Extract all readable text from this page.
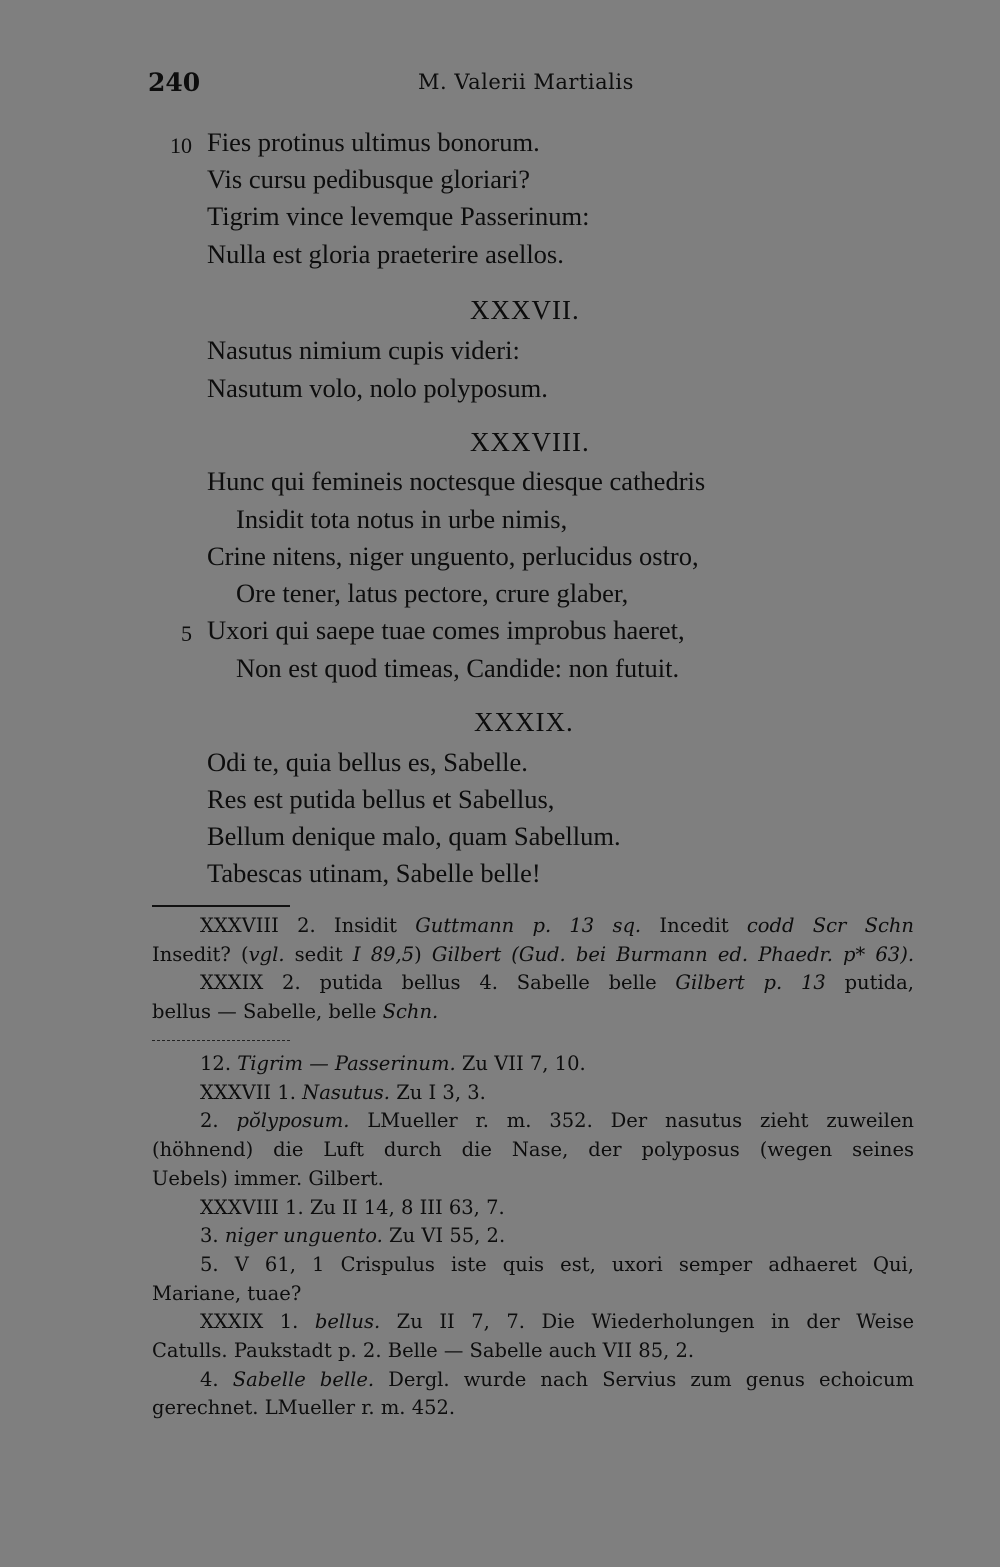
240	M. Valerii Martialis
10 Fies protinus ultimus bonorum.
Vis cursu pedibusque gloriari?
Tigrim vince levemque Passerinum:
Nulla est gloria praeterire asellos.
XXXVII.
Nasutus nimium cupis videri:
Nasutum volo, nolo polyposum.
XXXVIII.
Hunc qui femineis noctesque diesque cathedris
Insidit tota notus in urbe nimis,
Crine nitens, niger unguento, perlucidus ostro,
Ore tener, latus pectore, crure glaber,
5 Uxori qui saepe tuae comes improbus haeret,
Non est quod timeas, Candide: non futuit.
XXXIX.
Odi te, quia bellus es, Sabelle.
Res est putida bellus et Sabellus,
Bellum denique malo, quam Sabellum.
Tabescas utinam, Sabelle belle!
XXXVIII 2. Insidit Guttmann p. 13 sq. Incedit codd Scr Schn
Insedit? (vgl. sedit I 89,5) Gilbert (Gud. bei Burmann ed. Phaedr. p* 63).
XXXIX 2. putida bellus 4. Sabelle belle Gilbert p. 13 putida,
bellus — Sabelle, belle Schn.
12. Tigrim — Passerinum. Zu VII 7, 10.
XXXVII 1. Nasutus. Zu I 3, 3.
2. pŏlyposum. LMueller r. m. 352. Der nasutus zieht zuweilen
(höhnend) die Luft durch die Nase, der polyposus (wegen seines
Uebels) immer. Gilbert.
XXXVIII 1. Zu II 14, 8 III 63, 7.
3. niger unguento. Zu VI 55, 2.
5. V 61, 1 Crispulus iste quis est, uxori semper adhaeret Qui,
Mariane, tuae?
XXXIX 1. bellus. Zu II 7, 7. Die Wiederholungen in der Weise
Catulls. Paukstadt p. 2. Belle — Sabelle auch VII 85, 2.
4. Sabelle belle. Dergl. wurde nach Servius zum genus echoicum
gerechnet. LMueller r. m. 452.
